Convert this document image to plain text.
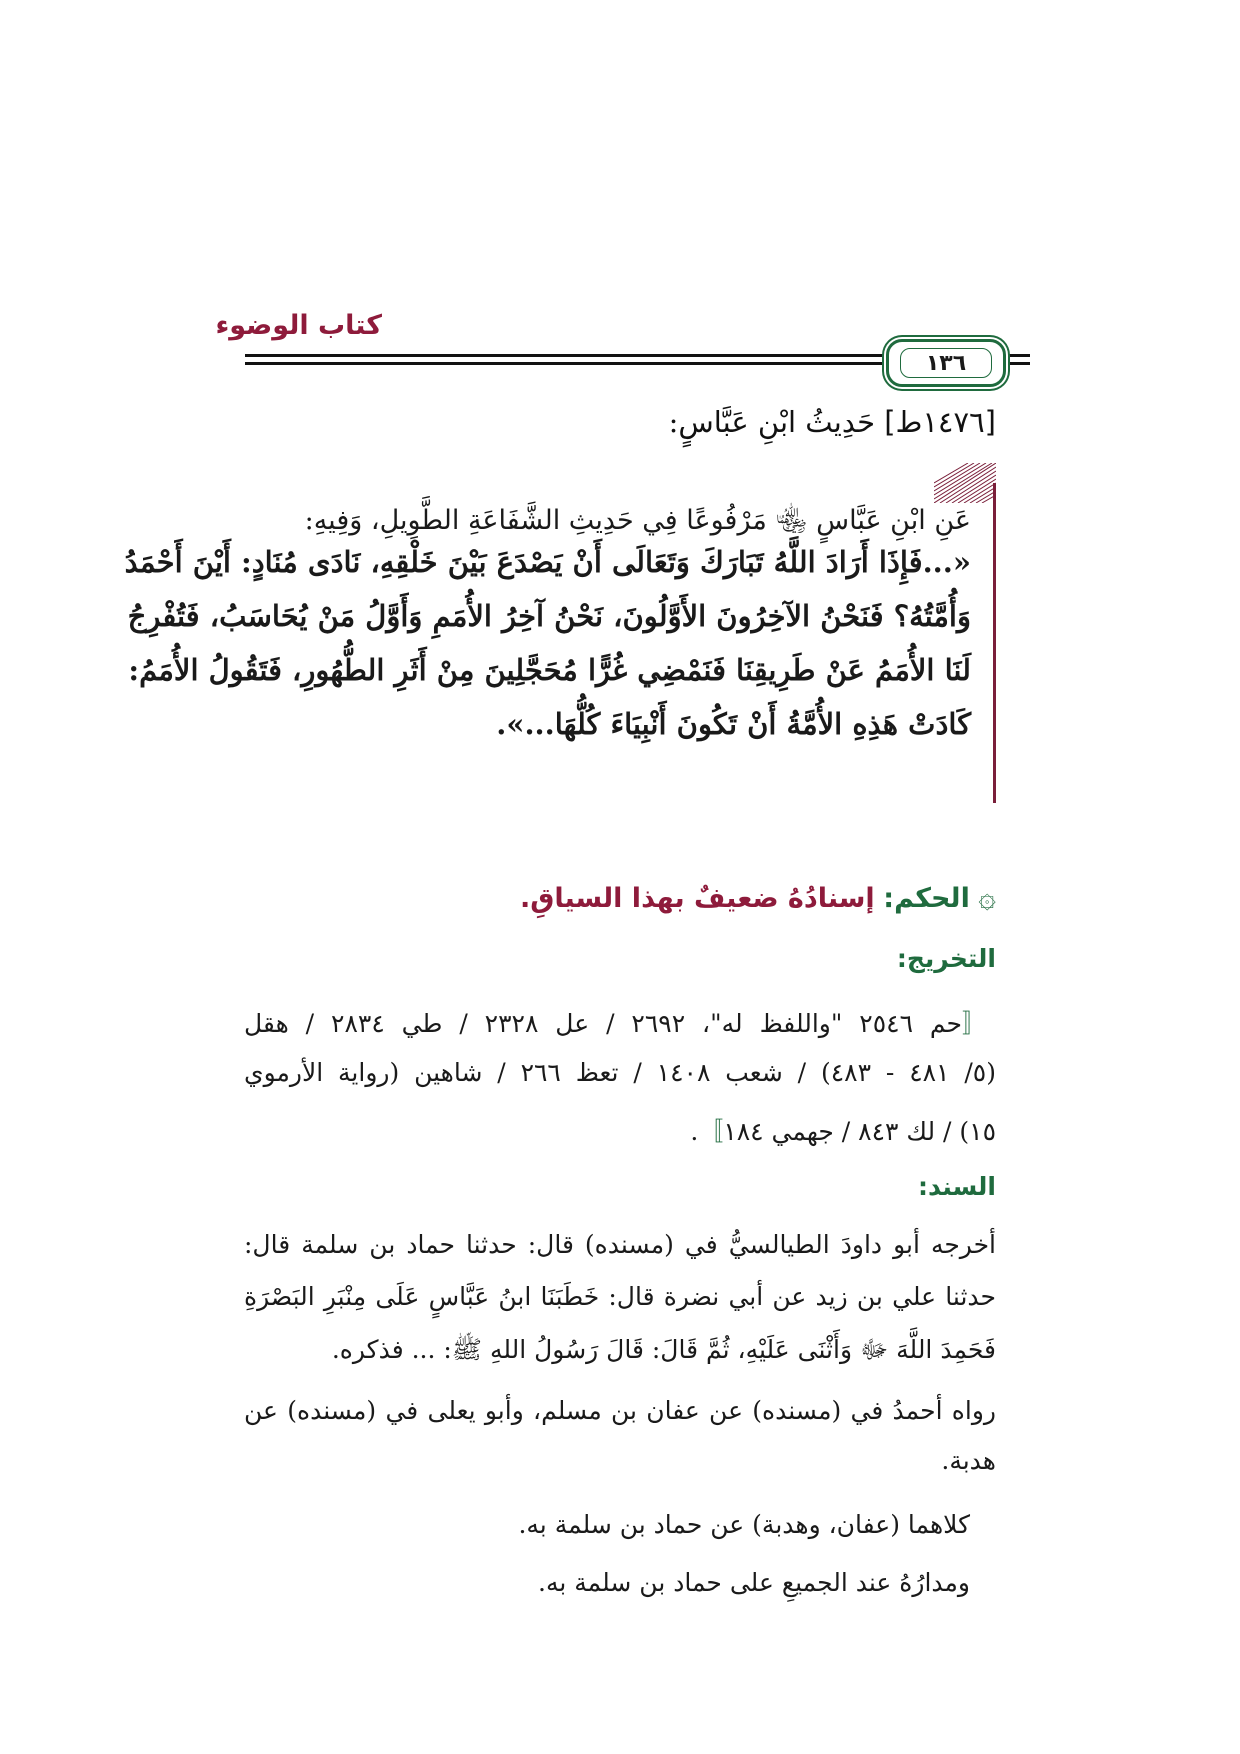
كتاب الوضوء
١٣٦
[١٤٧٦ط] حَدِيثُ ابْنِ عَبَّاسٍ:
عَنِ ابْنِ عَبَّاسٍ ﵄ مَرْفُوعًا فِي حَدِيثِ الشَّفَاعَةِ الطَّوِيلِ، وَفِيهِ:
«...فَإِذَا أَرَادَ اللَّهُ تَبَارَكَ وَتَعَالَى أَنْ يَصْدَعَ بَيْنَ خَلْقِهِ، نَادَى مُنَادٍ: أَيْنَ أَحْمَدُ
وَأُمَّتُهُ؟ فَنَحْنُ الآخِرُونَ الأَوَّلُونَ، نَحْنُ آخِرُ الأُمَمِ وَأَوَّلُ مَنْ يُحَاسَبُ، فَتُفْرِجُ
لَنَا الأُمَمُ عَنْ طَرِيقِنَا فَنَمْضِي غُرًّا مُحَجَّلِينَ مِنْ أَثَرِ الطُّهُورِ، فَتَقُولُ الأُمَمُ:
كَادَتْ هَذِهِ الأُمَّةُ أَنْ تَكُونَ أَنْبِيَاءَ كُلُّهَا...».
۞ الحكم: إسنادُهُ ضعيفٌ بهذا السياقِ.
التخريج:
〚حم ٢٥٤٦ "واللفظ له"، ٢٦٩٢ / عل ٢٣٢٨ / طي ٢٨٣٤ / هقل
(٥/ ٤٨١ - ٤٨٣) / شعب ١٤٠٨ / تعظ ٢٦٦ / شاهين (رواية الأرموي
١٥) / لك ٨٤٣ / جهمي ١٨٤〛.
السند:
أخرجه أبو داودَ الطيالسيُّ في (مسنده) قال: حدثنا حماد بن سلمة قال:
حدثنا علي بن زيد عن أبي نضرة قال: خَطَبَنَا ابنُ عَبَّاسٍ عَلَى مِنْبَرِ البَصْرَةِ
فَحَمِدَ اللَّهَ ﷻ وَأَثْنَى عَلَيْهِ، ثُمَّ قَالَ: قَالَ رَسُولُ اللهِ ﷺ: ... فذكره.
رواه أحمدُ في (مسنده) عن عفان بن مسلم، وأبو يعلى في (مسنده) عن
هدبة.
كلاهما (عفان، وهدبة) عن حماد بن سلمة به.
ومدارُهُ عند الجميعِ على حماد بن سلمة به.
